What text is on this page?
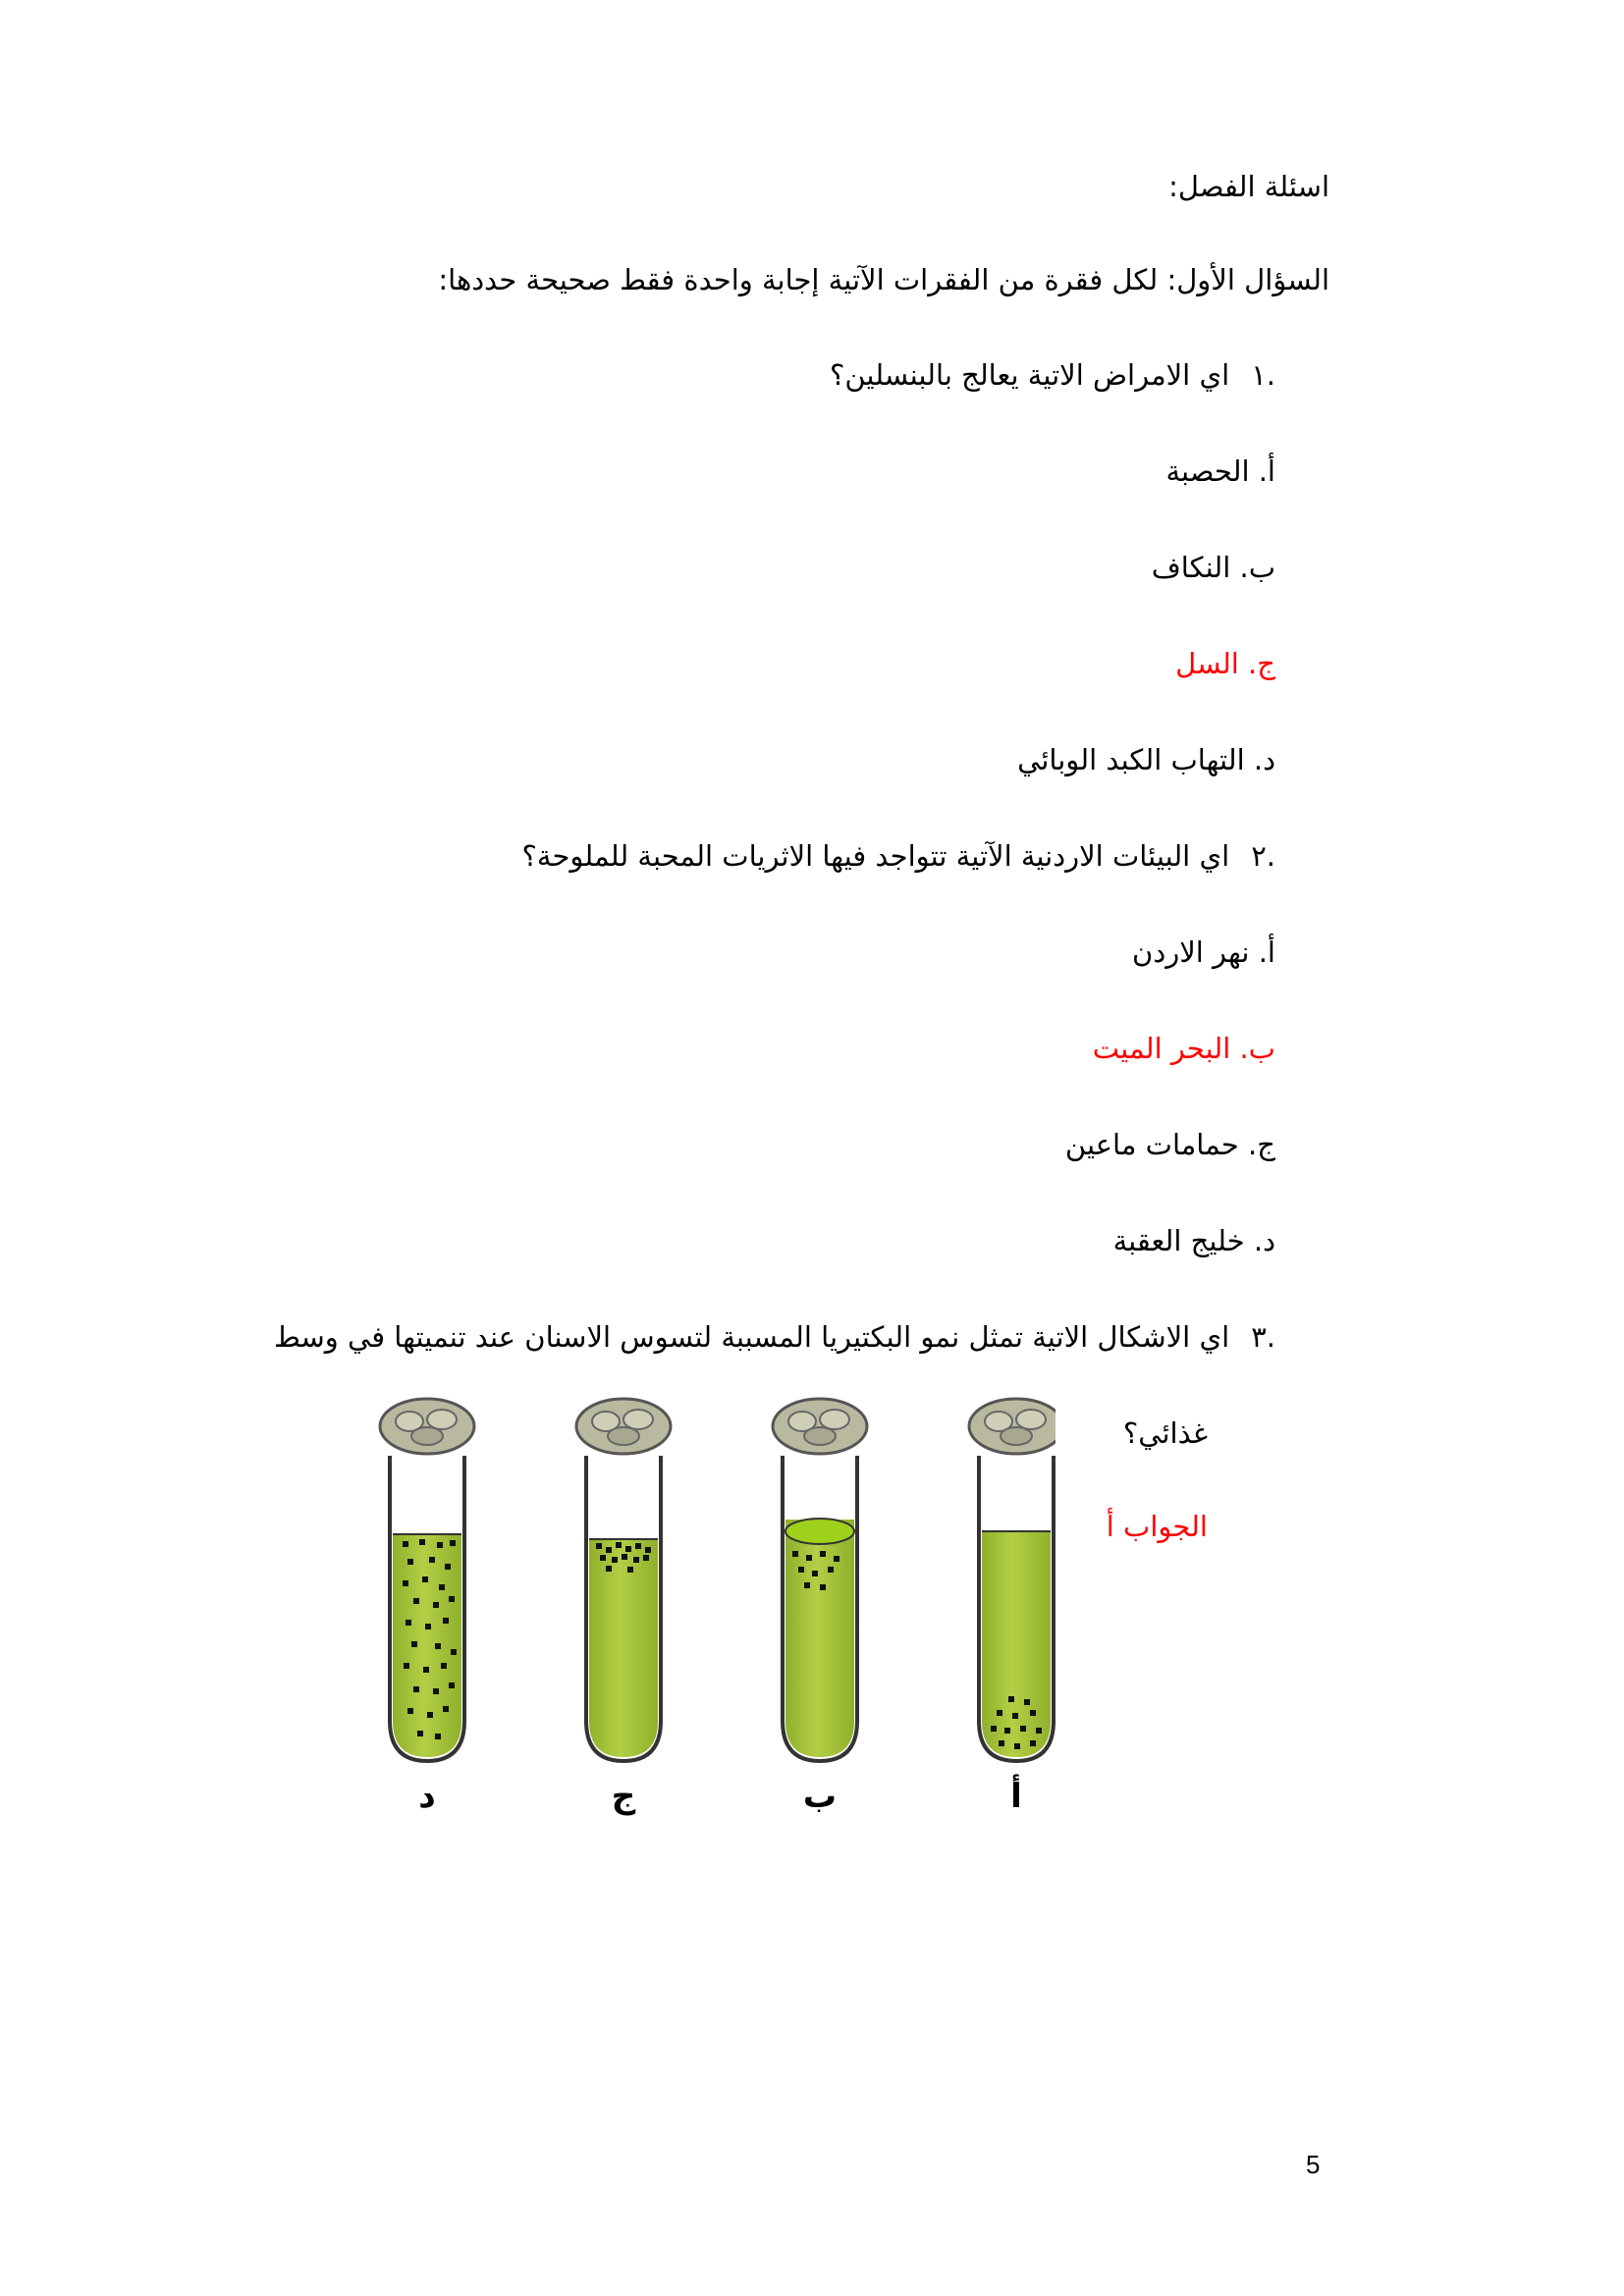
اسئلة الفصل:
السؤال الأول: لكل فقرة من الفقرات الآتية إجابة واحدة فقط صحيحة حددها:
.١اي الامراض الاتية يعالج بالبنسلين؟
أ. الحصبة
ب. النكاف
ج. السل
د. التهاب الكبد الوبائي
.٢اي البيئات الاردنية الآتية تتواجد فيها الاثريات المحبة للملوحة؟
أ. نهر الاردن
ب. البحر الميت
ج. حمامات ماعين
د. خليج العقبة
.٣اي الاشكال الاتية تمثل نمو البكتيريا المسببة لتسوس الاسنان عند تنميتها في وسط
غذائي؟
الجواب أ
د	ج	ب	أ
5
